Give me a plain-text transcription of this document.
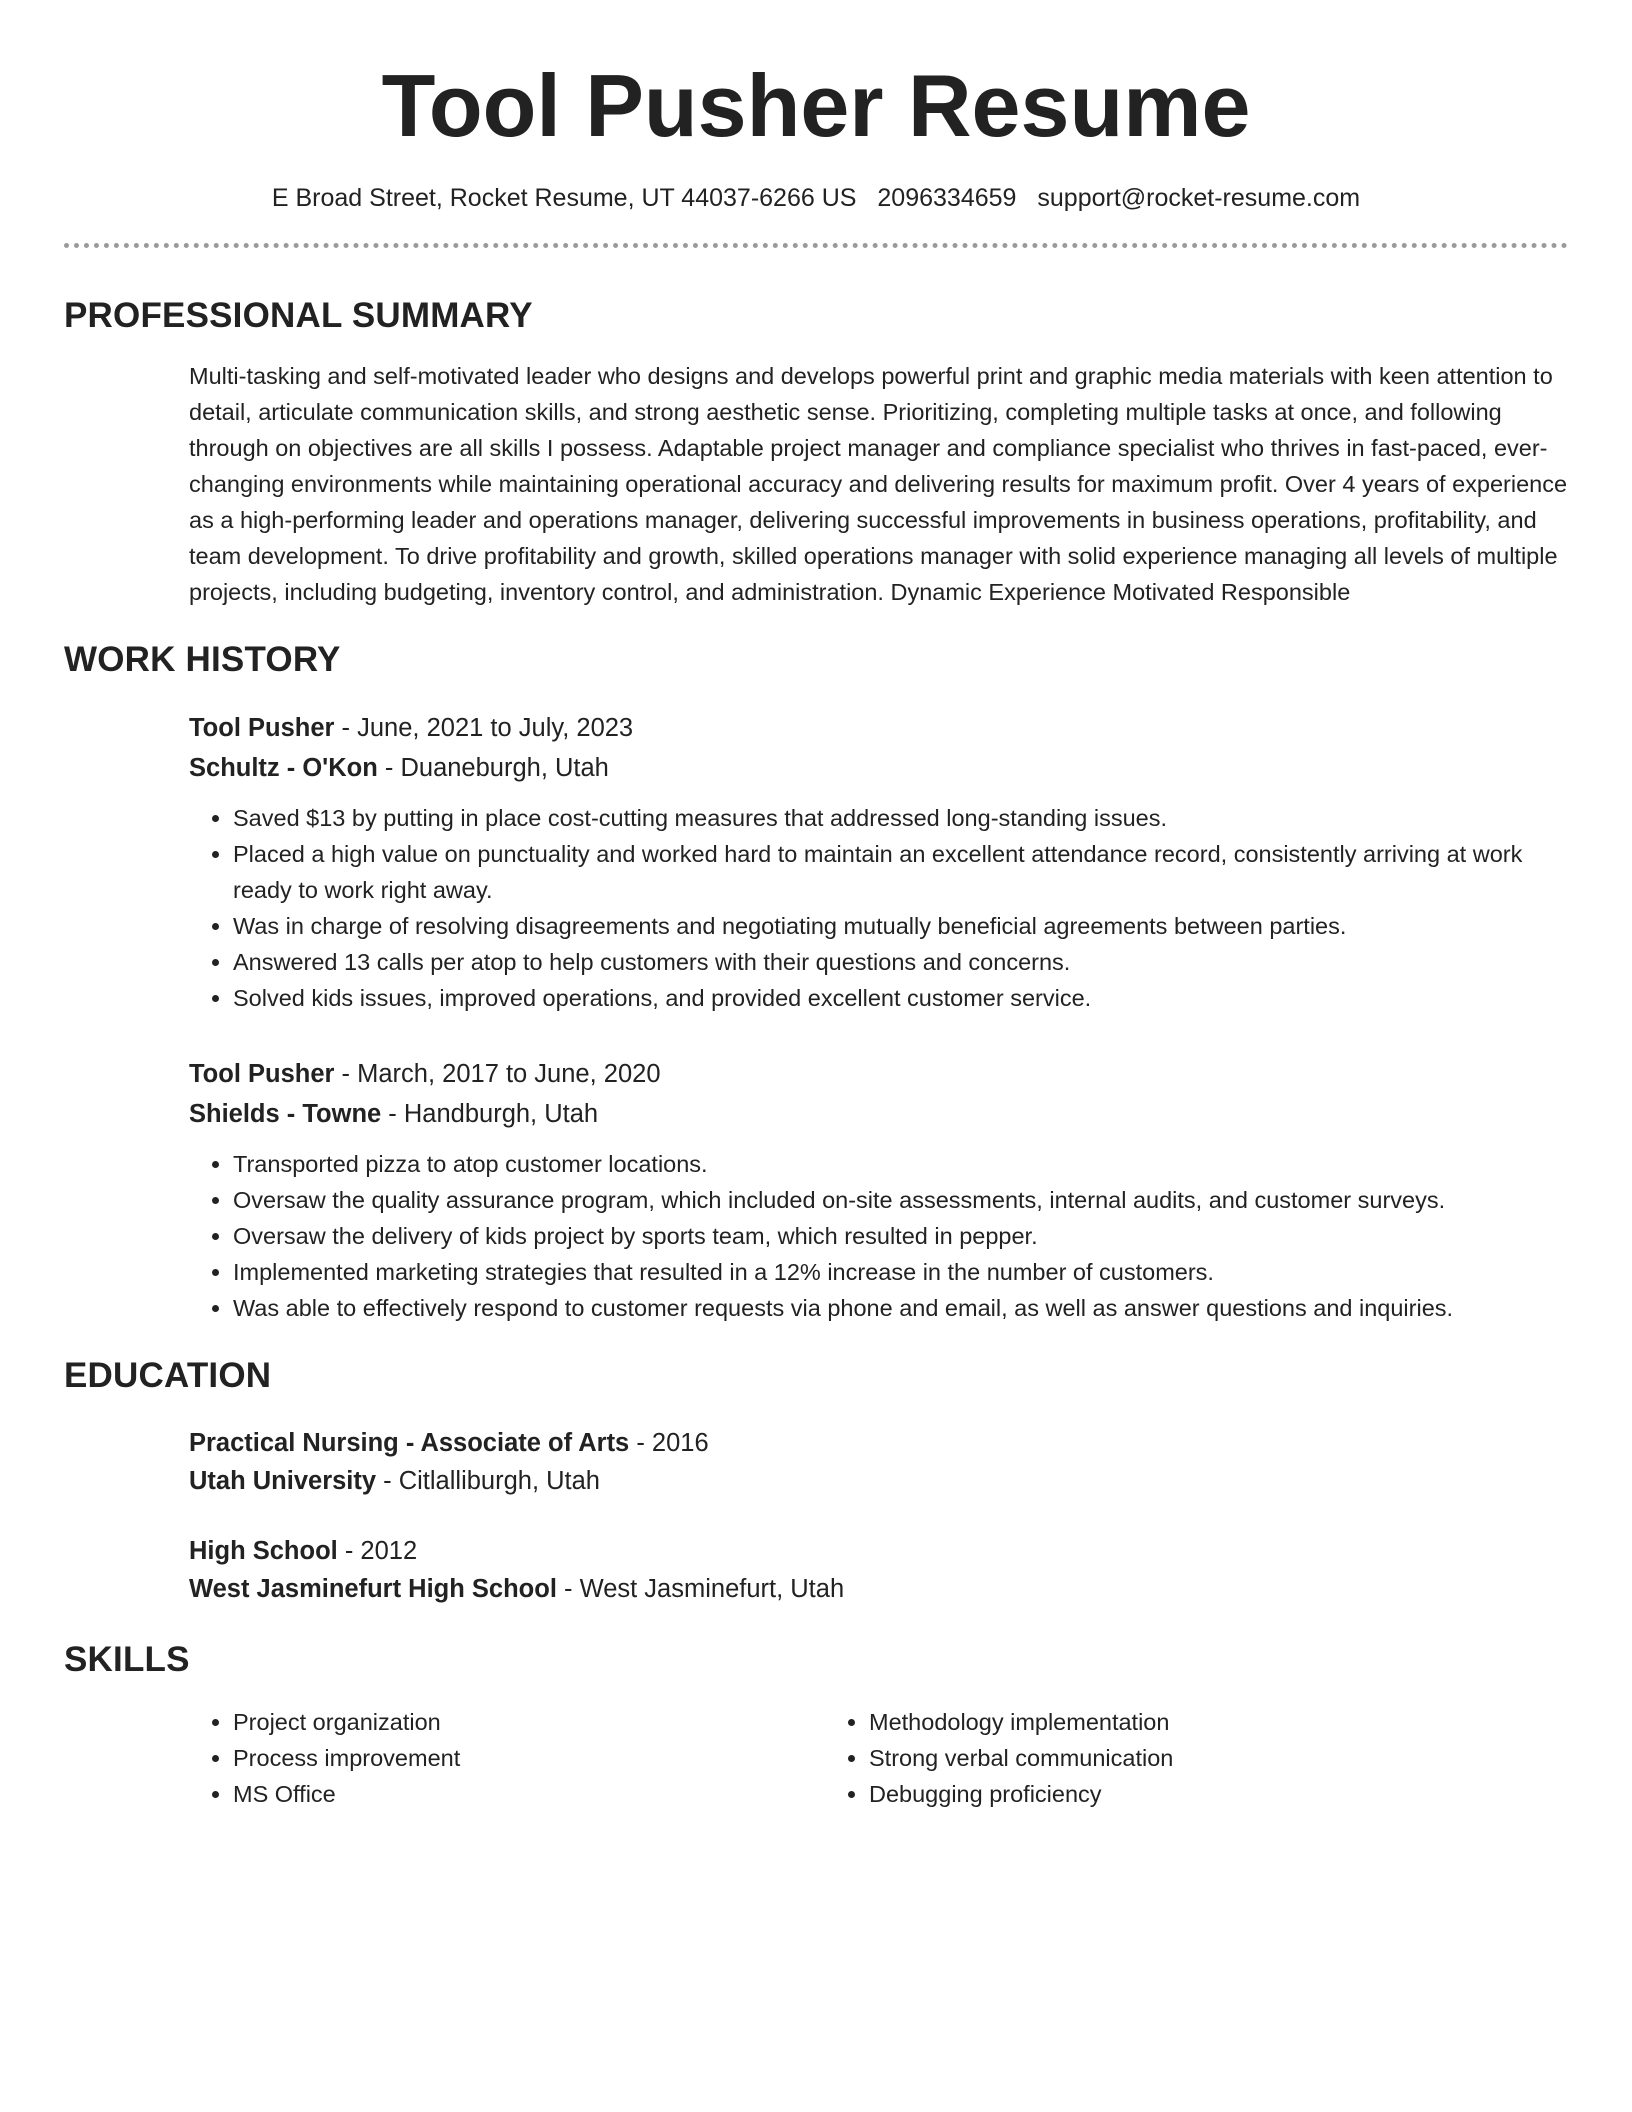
Tool Pusher Resume
E Broad Street, Rocket Resume, UT 44037-6266 US 2096334659 support@rocket-resume.com
PROFESSIONAL SUMMARY
Multi-tasking and self-motivated leader who designs and develops powerful print and graphic media materials with keen attention to detail, articulate communication skills, and strong aesthetic sense. Prioritizing, completing multiple tasks at once, and following through on objectives are all skills I possess. Adaptable project manager and compliance specialist who thrives in fast-paced, ever-changing environments while maintaining operational accuracy and delivering results for maximum profit. Over 4 years of experience as a high-performing leader and operations manager, delivering successful improvements in business operations, profitability, and team development. To drive profitability and growth, skilled operations manager with solid experience managing all levels of multiple projects, including budgeting, inventory control, and administration. Dynamic Experience Motivated Responsible
WORK HISTORY
Tool Pusher - June, 2021 to July, 2023
Schultz - O'Kon - Duaneburgh, Utah
• Saved $13 by putting in place cost-cutting measures that addressed long-standing issues.
• Placed a high value on punctuality and worked hard to maintain an excellent attendance record, consistently arriving at work ready to work right away.
• Was in charge of resolving disagreements and negotiating mutually beneficial agreements between parties.
• Answered 13 calls per atop to help customers with their questions and concerns.
• Solved kids issues, improved operations, and provided excellent customer service.
Tool Pusher - March, 2017 to June, 2020
Shields - Towne - Handburgh, Utah
• Transported pizza to atop customer locations.
• Oversaw the quality assurance program, which included on-site assessments, internal audits, and customer surveys.
• Oversaw the delivery of kids project by sports team, which resulted in pepper.
• Implemented marketing strategies that resulted in a 12% increase in the number of customers.
• Was able to effectively respond to customer requests via phone and email, as well as answer questions and inquiries.
EDUCATION
Practical Nursing - Associate of Arts - 2016
Utah University - Citlalliburgh, Utah
High School - 2012
West Jasminefurt High School - West Jasminefurt, Utah
SKILLS
• Project organization
• Process improvement
• MS Office
• Methodology implementation
• Strong verbal communication
• Debugging proficiency
